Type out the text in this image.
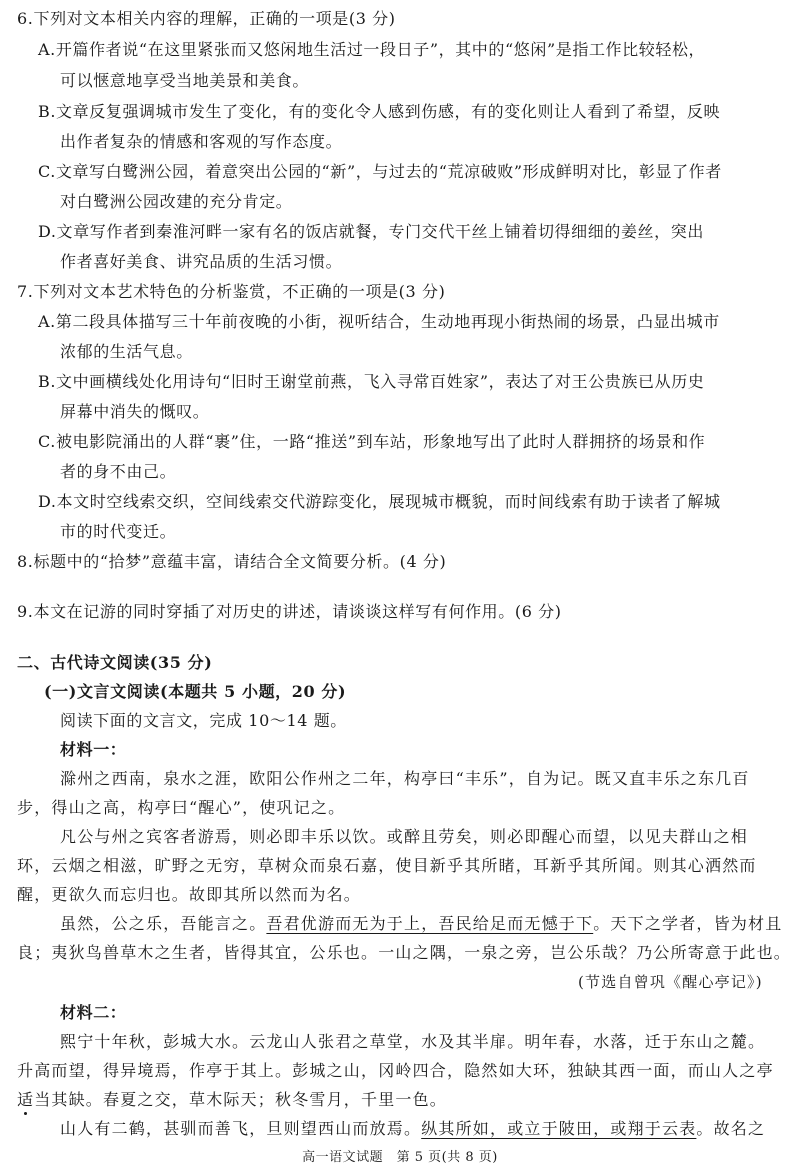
6.下列对文本相关内容的理解，正确的一项是(3 分)
A.开篇作者说“在这里紧张而又悠闲地生活过一段日子”，其中的“悠闲”是指工作比较轻松，
可以惬意地享受当地美景和美食。
B.文章反复强调城市发生了变化，有的变化令人感到伤感，有的变化则让人看到了希望，反映
出作者复杂的情感和客观的写作态度。
C.文章写白鹭洲公园，着意突出公园的“新”，与过去的“荒凉破败”形成鲜明对比，彰显了作者
对白鹭洲公园改建的充分肯定。
D.文章写作者到秦淮河畔一家有名的饭店就餐，专门交代干丝上铺着切得细细的姜丝，突出
作者喜好美食、讲究品质的生活习惯。
7.下列对文本艺术特色的分析鉴赏，不正确的一项是(3 分)
A.第二段具体描写三十年前夜晚的小街，视听结合，生动地再现小街热闹的场景，凸显出城市
浓郁的生活气息。
B.文中画横线处化用诗句“旧时王谢堂前燕，飞入寻常百姓家”，表达了对王公贵族已从历史
屏幕中消失的慨叹。
C.被电影院涌出的人群“裹”住，一路“推送”到车站，形象地写出了此时人群拥挤的场景和作
者的身不由己。
D.本文时空线索交织，空间线索交代游踪变化，展现城市概貌，而时间线索有助于读者了解城
市的时代变迁。
8.标题中的“拾梦”意蕴丰富，请结合全文简要分析。(4 分)
9.本文在记游的同时穿插了对历史的讲述，请谈谈这样写有何作用。(6 分)
二、古代诗文阅读(35 分)
(一)文言文阅读(本题共 5 小题，20 分)
阅读下面的文言文，完成 10～14 题。
材料一：
滁州之西南，泉水之涯，欧阳公作州之二年，构亭曰“丰乐”，自为记。既又直丰乐之东几百
步，得山之高，构亭曰“醒心”，使巩记之。
凡公与州之宾客者游焉，则必即丰乐以饮。或醉且劳矣，则必即醒心而望，以见夫群山之相
环，云烟之相滋，旷野之无穷，草树众而泉石嘉，使目新乎其所睹，耳新乎其所闻。则其心洒然而
醒，更欲久而忘归也。故即其所以然而为名。
虽然，公之乐，吾能言之。吾君优游而无为于上，吾民给足而无憾于下。天下之学者，皆为材且
良；夷狄鸟兽草木之生者，皆得其宜，公乐也。一山之隅，一泉之旁，岂公乐哉？乃公所寄意于此也。
(节选自曾巩《醒心亭记》)
材料二：
熙宁十年秋，彭城大水。云龙山人张君之草堂，水及其半扉。明年春，水落，迁于东山之麓。
升高而望，得异境焉，作亭于其上。彭城之山，冈岭四合，隐然如大环，独缺其西一面，而山人之亭
适当其缺。春夏之交，草木际天；秋冬雪月，千里一色。
山人有二鹤，甚驯而善飞，旦则望西山而放焉。纵其所如，或立于陂田，或翔于云表。故名之
高一语文试题　第 5 页(共 8 页)
